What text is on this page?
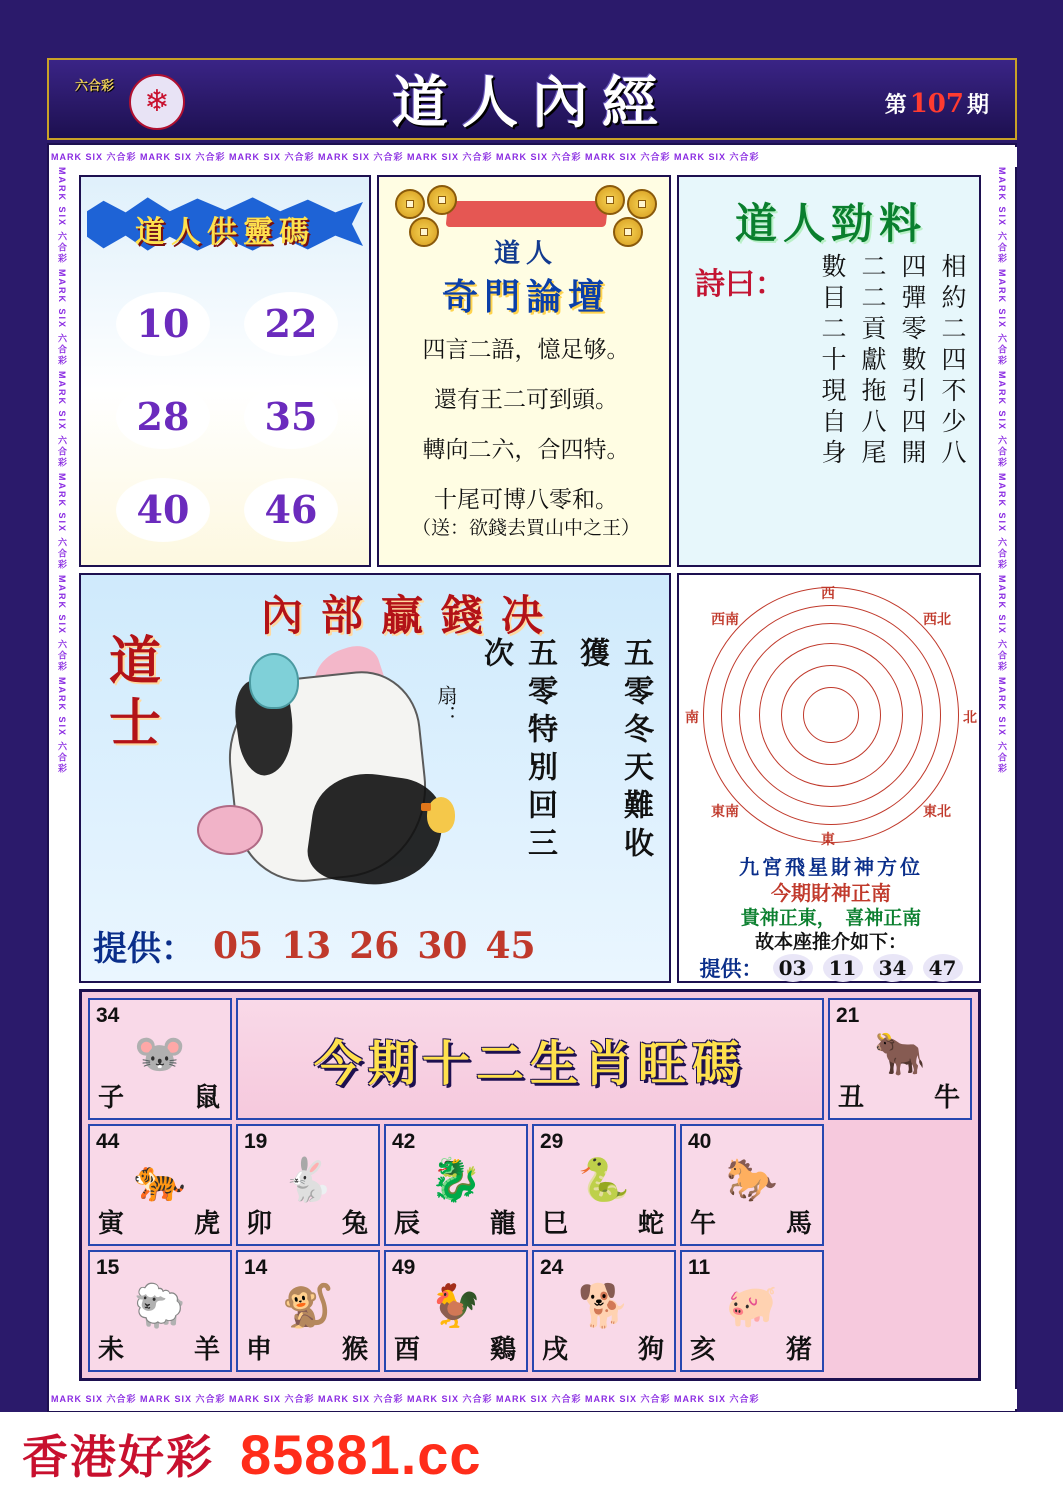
六合彩	❄	道人內經	第 107 期
MARK SIX 六合彩 MARK SIX 六合彩 MARK SIX 六合彩 MARK SIX 六合彩 MARK SIX 六合彩 MARK SIX 六合彩 MARK SIX 六合彩 MARK SIX 六合彩
MARK SIX 六合彩 MARK SIX 六合彩 MARK SIX 六合彩 MARK SIX 六合彩 MARK SIX 六合彩 MARK SIX 六合彩 MARK SIX 六合彩 MARK SIX 六合彩
MARK SIX 六合彩 MARK SIX 六合彩 MARK SIX 六合彩 MARK SIX 六合彩 MARK SIX 六合彩 MARK SIX 六合彩	MARK SIX 六合彩 MARK SIX 六合彩 MARK SIX 六合彩 MARK SIX 六合彩 MARK SIX 六合彩 MARK SIX 六合彩
道人供靈碼
10	22
28	35
40	46
道人
奇門論壇
四言二語，憶足够。
還有王二可到頭。
轉向二六，合四特。
十尾可博八零和。
（送：欲錢去買山中之王）
道人勁料
詩曰：	相約二四不少八
四彈零數引四開
二二貢獻拖八尾
數目二十現自身
內部贏錢决
道士	扇：	五零冬天難收獲
五零特別回三次
提供： 05 13 26 30 45
西
東
南	北
西南	西北
東南	東北
九宮飛星財神方位
今期財神正南
貴神正東，　喜神正南
故本座推介如下：
提供： 03	11	34	47
34
🐭
子	鼠
今期十二生肖旺碼
21
🐂
丑	牛
44
🐅
寅	虎
19
🐇
卯	兔
42
🐉
辰	龍
29
🐍
巳	蛇
40
🐎
午	馬
15
🐑
未	羊
14
🐒
申	猴
49
🐓
酉	鷄
24
🐕
戌	狗
11
🐖
亥	猪
香港好彩 85881.cc
